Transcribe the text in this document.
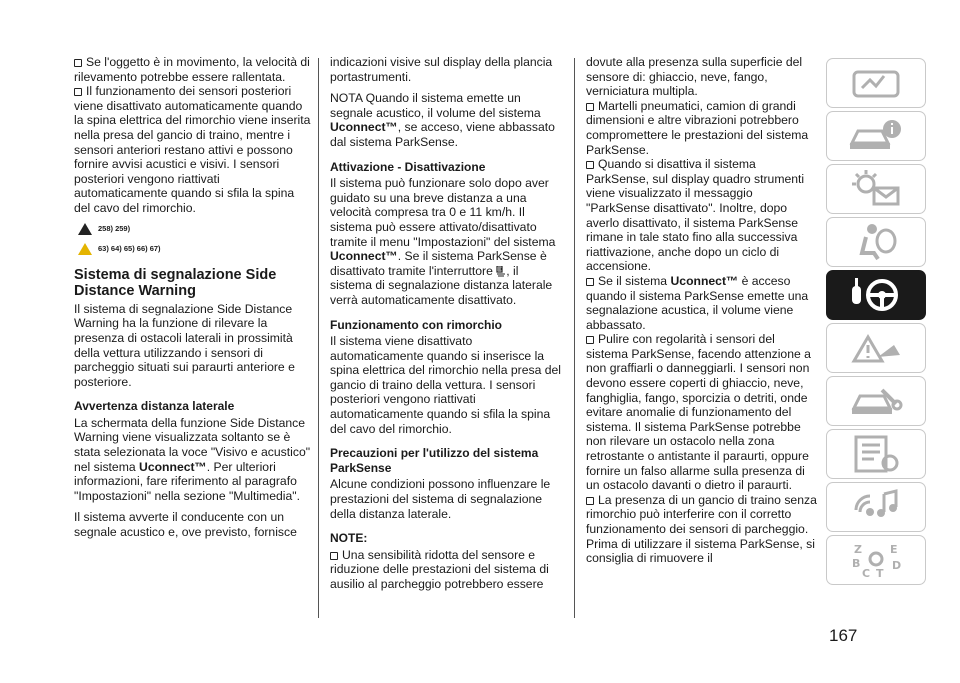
Se l'oggetto è in movimento, la velocità di rilevamento potrebbe essere rallentata.

Il funzionamento dei sensori posteriori viene disattivato automaticamente quando la spina elettrica del rimorchio viene inserita nella presa del gancio di traino, mentre i sensori anteriori restano attivi e possono fornire avvisi acustici e visivi. I sensori posteriori vengono riattivati automaticamente quando si sfila la spina del cavo del rimorchio.

258) 259)
63) 64) 65) 66) 67)
Sistema di segnalazione Side Distance Warning

Il sistema di segnalazione Side Distance Warning ha la funzione di rilevare la presenza di ostacoli laterali in prossimità della vettura utilizzando i sensori di parcheggio situati sui paraurti anteriore e posteriore.

Avvertenza distanza laterale

La schermata della funzione Side Distance Warning viene visualizzata soltanto se è stata selezionata la voce "Visivo e acustico" nel sistema Uconnect™. Per ulteriori informazioni, fare riferimento al paragrafo "Impostazioni" nella sezione "Multimedia".

Il sistema avverte il conducente con un segnale acustico e, ove previsto, fornisce

indicazioni visive sul display della plancia portastrumenti.

NOTA Quando il sistema emette un segnale acustico, il volume del sistema Uconnect™, se acceso, viene abbassato dal sistema ParkSense.

Attivazione - Disattivazione

Il sistema può funzionare solo dopo aver guidato su una breve distanza a una velocità compresa tra 0 e 11 km/h. Il sistema può essere attivato/disattivato tramite il menu "Impostazioni" del sistema Uconnect™. Se il sistema ParkSense è disattivato tramite l'interruttore , il sistema di segnalazione distanza laterale verrà automaticamente disattivato.

Funzionamento con rimorchio

Il sistema viene disattivato automaticamente quando si inserisce la spina elettrica del rimorchio nella presa del gancio di traino della vettura. I sensori posteriori vengono riattivati automaticamente quando si sfila la spina del cavo del rimorchio.

Precauzioni per l'utilizzo del sistema ParkSense

Alcune condizioni possono influenzare le prestazioni del sistema di segnalazione della distanza laterale.

NOTE:

Una sensibilità ridotta del sensore e riduzione delle prestazioni del sistema di ausilio al parcheggio potrebbero essere

dovute alla presenza sulla superficie del sensore di: ghiaccio, neve, fango, verniciatura multipla.

Martelli pneumatici, camion di grandi dimensioni e altre vibrazioni potrebbero compromettere le prestazioni del sistema ParkSense.

Quando si disattiva il sistema ParkSense, sul display quadro strumenti viene visualizzato il messaggio "ParkSense disattivato". Inoltre, dopo averlo disattivato, il sistema ParkSense rimane in tale stato fino alla successiva riattivazione, anche dopo un ciclo di accensione.

Se il sistema Uconnect™ è acceso quando il sistema ParkSense emette una segnalazione acustica, il volume viene abbassato.

Pulire con regolarità i sensori del sistema ParkSense, facendo attenzione a non graffiarli o danneggiarli. I sensori non devono essere coperti di ghiaccio, neve, fanghiglia, fango, sporcizia o detriti, onde evitare anomalie di funzionamento del sistema. Il sistema ParkSense potrebbe non rilevare un ostacolo nella zona retrostante o antistante il paraurti, oppure fornire un falso allarme sulla presenza di un ostacolo davanti o dietro il paraurti.

La presenza di un gancio di traino senza rimorchio può interferire con il corretto funzionamento dei sensori di parcheggio. Prima di utilizzare il sistema ParkSense, si consiglia di rimuovere il

Z	E
B	D
C T
167
